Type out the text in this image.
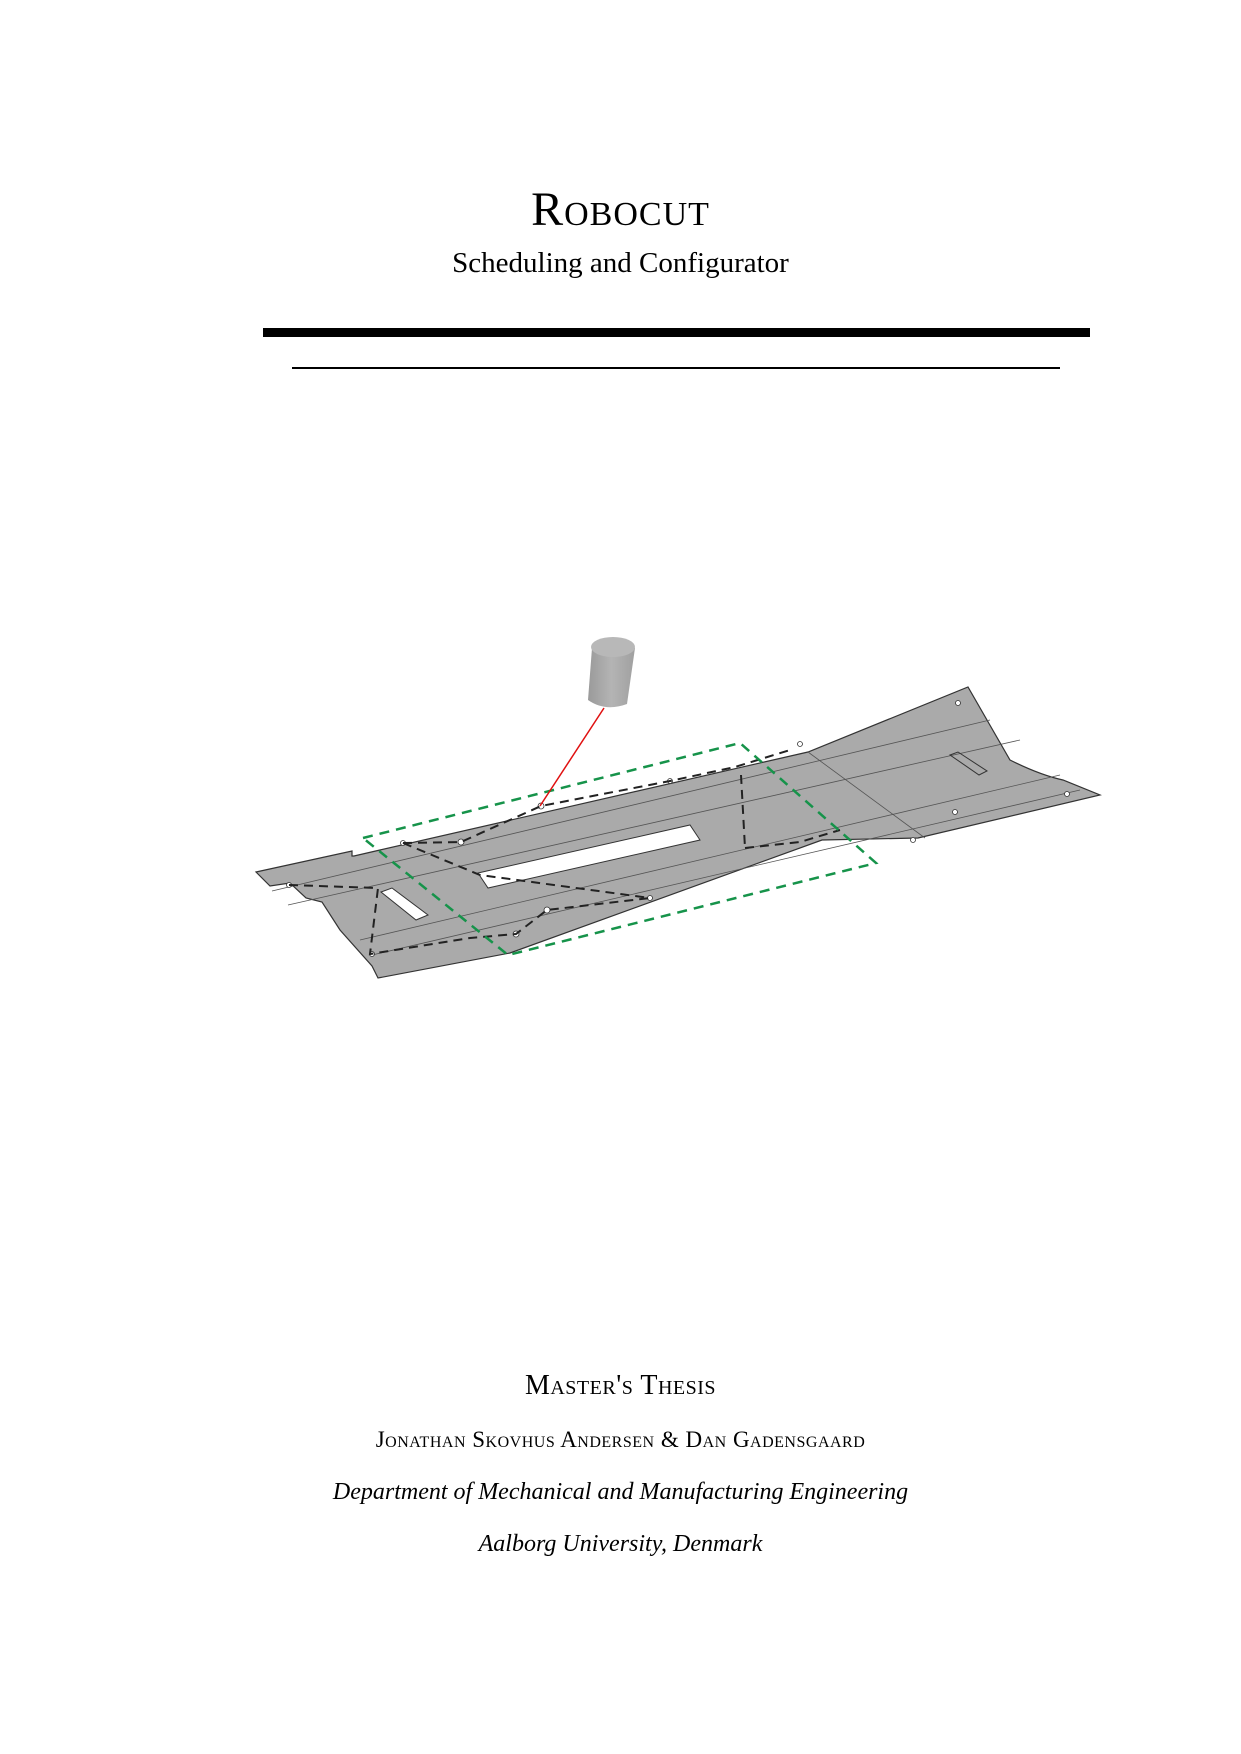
Robocut
Scheduling and Configurator
Master's Thesis
Jonathan Skovhus Andersen & Dan Gadensgaard
Department of Mechanical and Manufacturing Engineering
Aalborg University, Denmark
